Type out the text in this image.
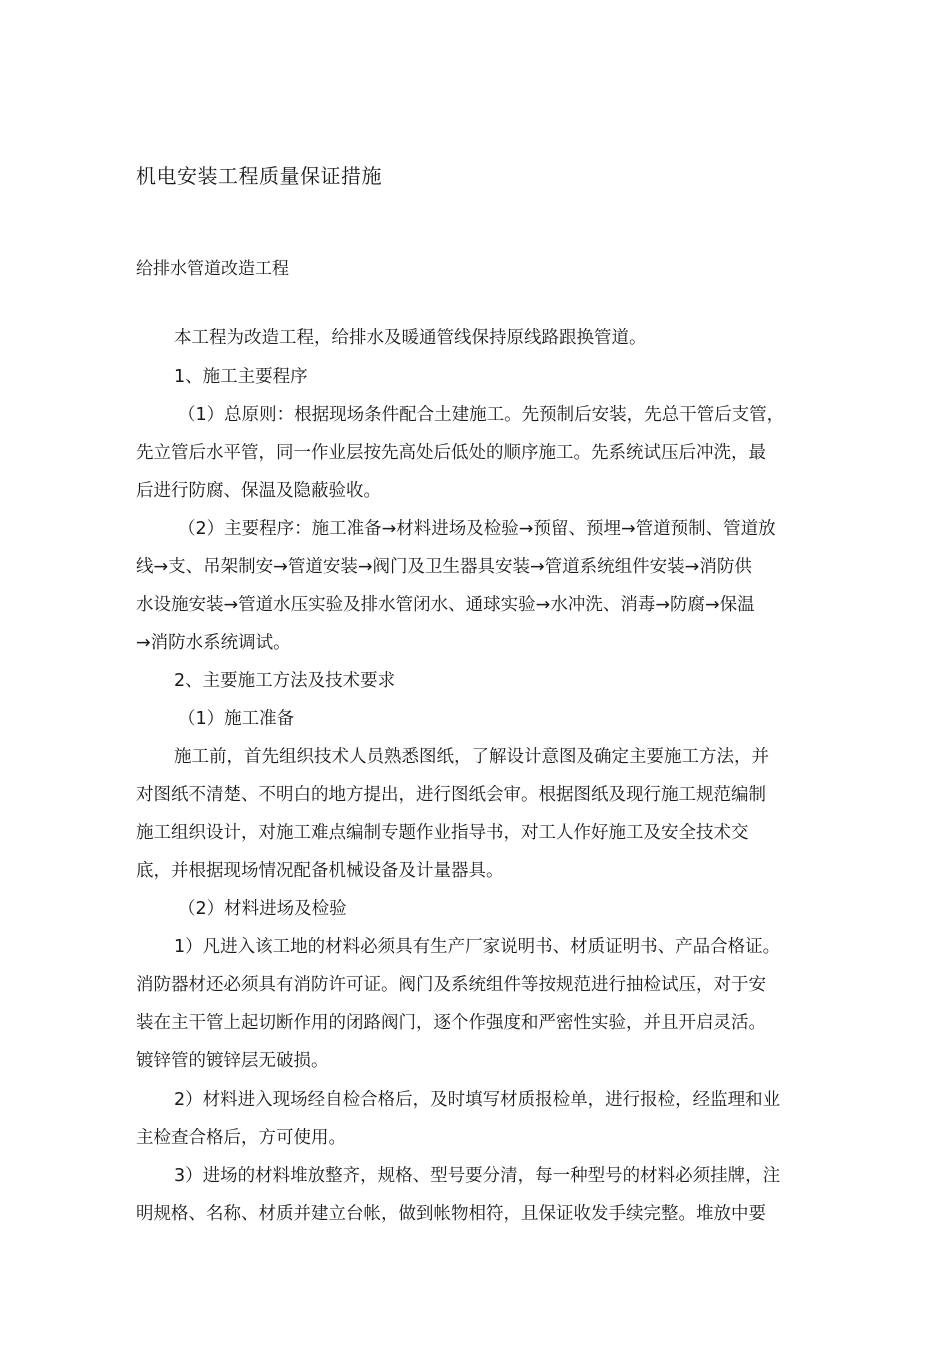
机电安装工程质量保证措施
给排水管道改造工程
本工程为改造工程，给排水及暖通管线保持原线路跟换管道。
1、施工主要程序
（1）总原则：根据现场条件配合土建施工。先预制后安装，先总干管后支管，
先立管后水平管，同一作业层按先高处后低处的顺序施工。先系统试压后冲洗，最
后进行防腐、保温及隐蔽验收。
（2）主要程序：施工准备→材料进场及检验→预留、预埋→管道预制、管道放
线→支、吊架制安→管道安装→阀门及卫生器具安装→管道系统组件安装→消防供
水设施安装→管道水压实验及排水管闭水、通球实验→水冲洗、消毒→防腐→保温
→消防水系统调试。
2、主要施工方法及技术要求
（1）施工准备
施工前，首先组织技术人员熟悉图纸，了解设计意图及确定主要施工方法，并
对图纸不清楚、不明白的地方提出，进行图纸会审。根据图纸及现行施工规范编制
施工组织设计，对施工难点编制专题作业指导书，对工人作好施工及安全技术交
底，并根据现场情况配备机械设备及计量器具。
（2）材料进场及检验
1）凡进入该工地的材料必须具有生产厂家说明书、材质证明书、产品合格证。
消防器材还必须具有消防许可证。阀门及系统组件等按规范进行抽检试压，对于安
装在主干管上起切断作用的闭路阀门，逐个作强度和严密性实验，并且开启灵活。
镀锌管的镀锌层无破损。
2）材料进入现场经自检合格后，及时填写材质报检单，进行报检，经监理和业
主检查合格后，方可使用。
3）进场的材料堆放整齐，规格、型号要分清，每一种型号的材料必须挂牌，注
明规格、名称、材质并建立台帐，做到帐物相符，且保证收发手续完整。堆放中要
